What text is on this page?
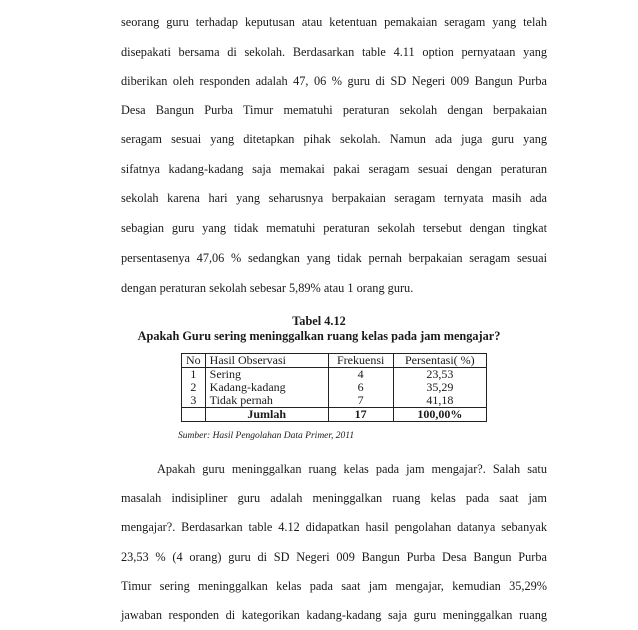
seorang guru terhadap keputusan atau ketentuan pemakaian seragam yang telah
disepakati bersama di sekolah. Berdasarkan table 4.11 option pernyataan yang
diberikan oleh responden adalah 47, 06 % guru di SD Negeri 009 Bangun Purba
Desa Bangun Purba Timur mematuhi peraturan sekolah dengan berpakaian
seragam sesuai yang ditetapkan pihak sekolah. Namun ada juga guru yang
sifatnya kadang-kadang saja memakai pakai seragam sesuai dengan peraturan
sekolah karena hari yang seharusnya berpakaian seragam ternyata masih ada
sebagian guru yang tidak mematuhi peraturan sekolah tersebut dengan tingkat
persentasenya 47,06 % sedangkan yang tidak pernah berpakaian seragam sesuai
dengan peraturan sekolah sebesar 5,89% atau 1 orang guru.
Tabel 4.12
Apakah Guru sering meninggalkan ruang kelas pada jam mengajar?
No	Hasil Observasi	Frekuensi	Persentasi( %)
1	Sering	4	23,53
2	Kadang-kadang	6	35,29
3	Tidak pernah	7	41,18
	Jumlah	17	100,00%
Sumber: Hasil Pengolahan Data Primer, 2011
Apakah guru meninggalkan ruang kelas pada jam mengajar?. Salah satu
masalah indisipliner guru adalah meninggalkan ruang kelas pada saat jam
mengajar?. Berdasarkan table 4.12 didapatkan hasil pengolahan datanya sebanyak
23,53 % (4 orang) guru di SD Negeri 009 Bangun Purba Desa Bangun Purba
Timur sering meninggalkan kelas pada saat jam mengajar, kemudian 35,29%
jawaban responden di kategorikan kadang-kadang saja guru meninggalkan ruang
